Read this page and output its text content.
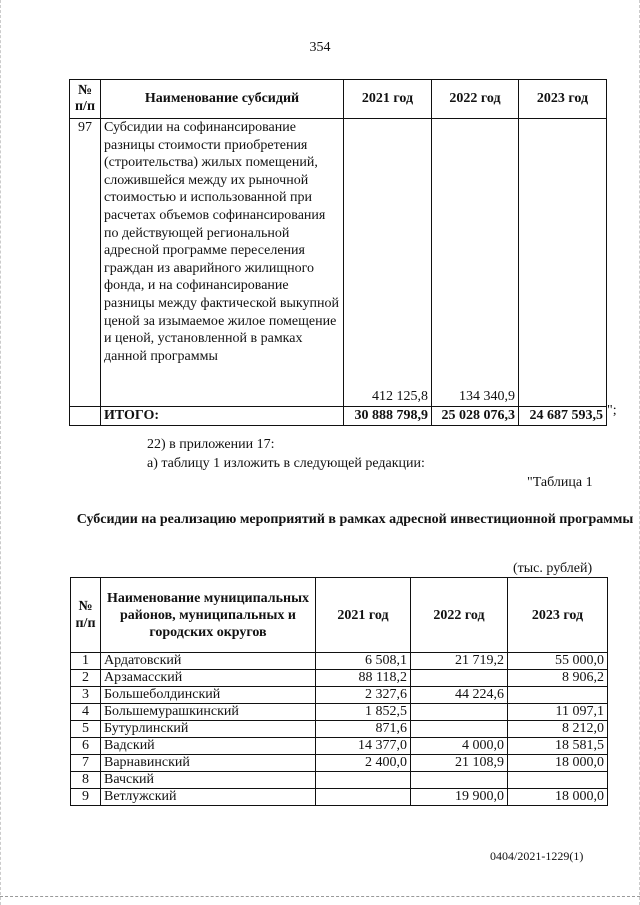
354
№ п/п	Наименование субсидий	2021 год	2022 год	2023 год
97	Субсидии на софинансирование разницы стоимости приобретения (строительства) жилых помещений, сложившейся между их рыночной стоимостью и использованной при расчетах объемов софинансирования по действующей региональной адресной программе переселения граждан из аварийного жилищного фонда, и на софинансирование разницы между фактической выкупной ценой за изымаемое жилое помещение и ценой, установленной в рамках данной программы	412 125,8	134 340,9	
	ИТОГО:	30 888 798,9	25 028 076,3	24 687 593,5 ";
22) в приложении 17:
а) таблицу 1 изложить в следующей редакции:
"Таблица 1
Субсидии на реализацию мероприятий в рамках адресной инвестиционной программы
(тыс. рублей)
№ п/п	Наименование муниципальных районов, муниципальных и городских округов	2021 год	2022 год	2023 год
1	Ардатовский	6 508,1	21 719,2	55 000,0
2	Арзамасский	88 118,2		8 906,2
3	Большеболдинский	2 327,6	44 224,6	
4	Большемурашкинский	1 852,5		11 097,1
5	Бутурлинский	871,6		8 212,0
6	Вадский	14 377,0	4 000,0	18 581,5
7	Варнавинский	2 400,0	21 108,9	18 000,0
8	Вачский			
9	Ветлужский		19 900,0	18 000,0
0404/2021-1229(1)
